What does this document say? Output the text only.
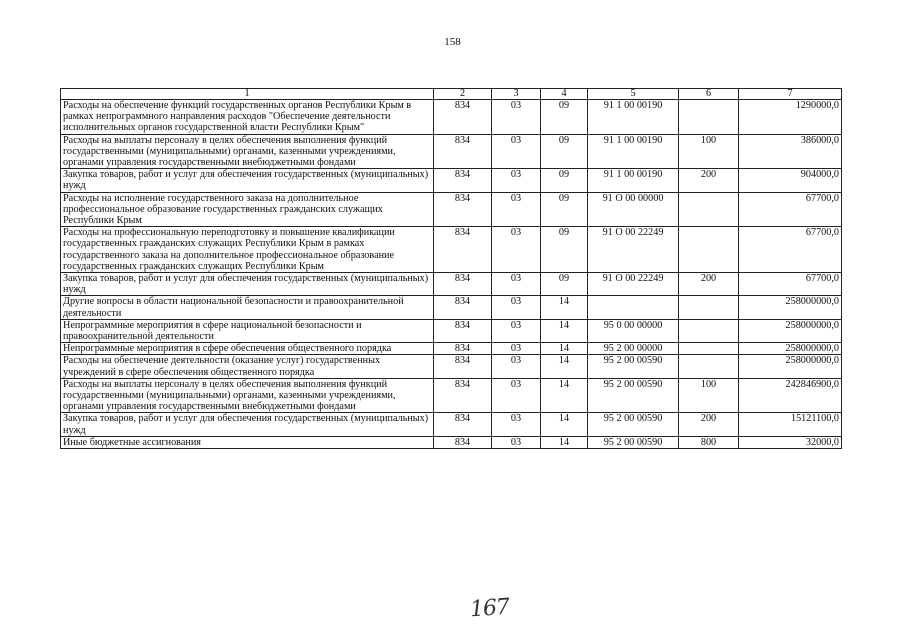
158
1	2	3	4	5	6	7
Расходы на обеспечение функций государственных органов Республики Крым в рамках непрограммного направления расходов "Обеспечение деятельности исполнительных органов государственной власти Республики Крым"	834	03	09	91 1 00 00190		1290000,0
Расходы на выплаты персоналу в целях обеспечения выполнения функций государственными (муниципальными) органами, казенными учреждениями, органами управления государственными внебюджетными фондами	834	03	09	91 1 00 00190	100	386000,0
Закупка товаров, работ и услуг для обеспечения государственных (муниципальных) нужд	834	03	09	91 1 00 00190	200	904000,0
Расходы на исполнение государственного заказа на дополнительное профессиональное образование государственных гражданских служащих Республики Крым	834	03	09	91 О 00 00000		67700,0
Расходы на профессиональную переподготовку и повышение квалификации государственных гражданских служащих Республики Крым в рамках государственного заказа на дополнительное профессиональное образование государственных гражданских служащих Республики Крым	834	03	09	91 О 00 22249		67700,0
Закупка товаров, работ и услуг для обеспечения государственных (муниципальных) нужд	834	03	09	91 О 00 22249	200	67700,0
Другие вопросы в области национальной безопасности и правоохранительной деятельности	834	03	14			258000000,0
Непрограммные мероприятия в сфере национальной безопасности и правоохранительной деятельности	834	03	14	95 0 00 00000		258000000,0
Непрограммные мероприятия в сфере обеспечения общественного порядка	834	03	14	95 2 00 00000		258000000,0
Расходы на обеспечение деятельности (оказание услуг) государственных учреждений в сфере обеспечения общественного порядка	834	03	14	95 2 00 00590		258000000,0
Расходы на выплаты персоналу в целях обеспечения выполнения функций государственными (муниципальными) органами, казенными учреждениями, органами управления государственными внебюджетными фондами	834	03	14	95 2 00 00590	100	242846900,0
Закупка товаров, работ и услуг для обеспечения государственных (муниципальных) нужд	834	03	14	95 2 00 00590	200	15121100,0
Иные бюджетные ассигнования	834	03	14	95 2 00 00590	800	32000,0
167
